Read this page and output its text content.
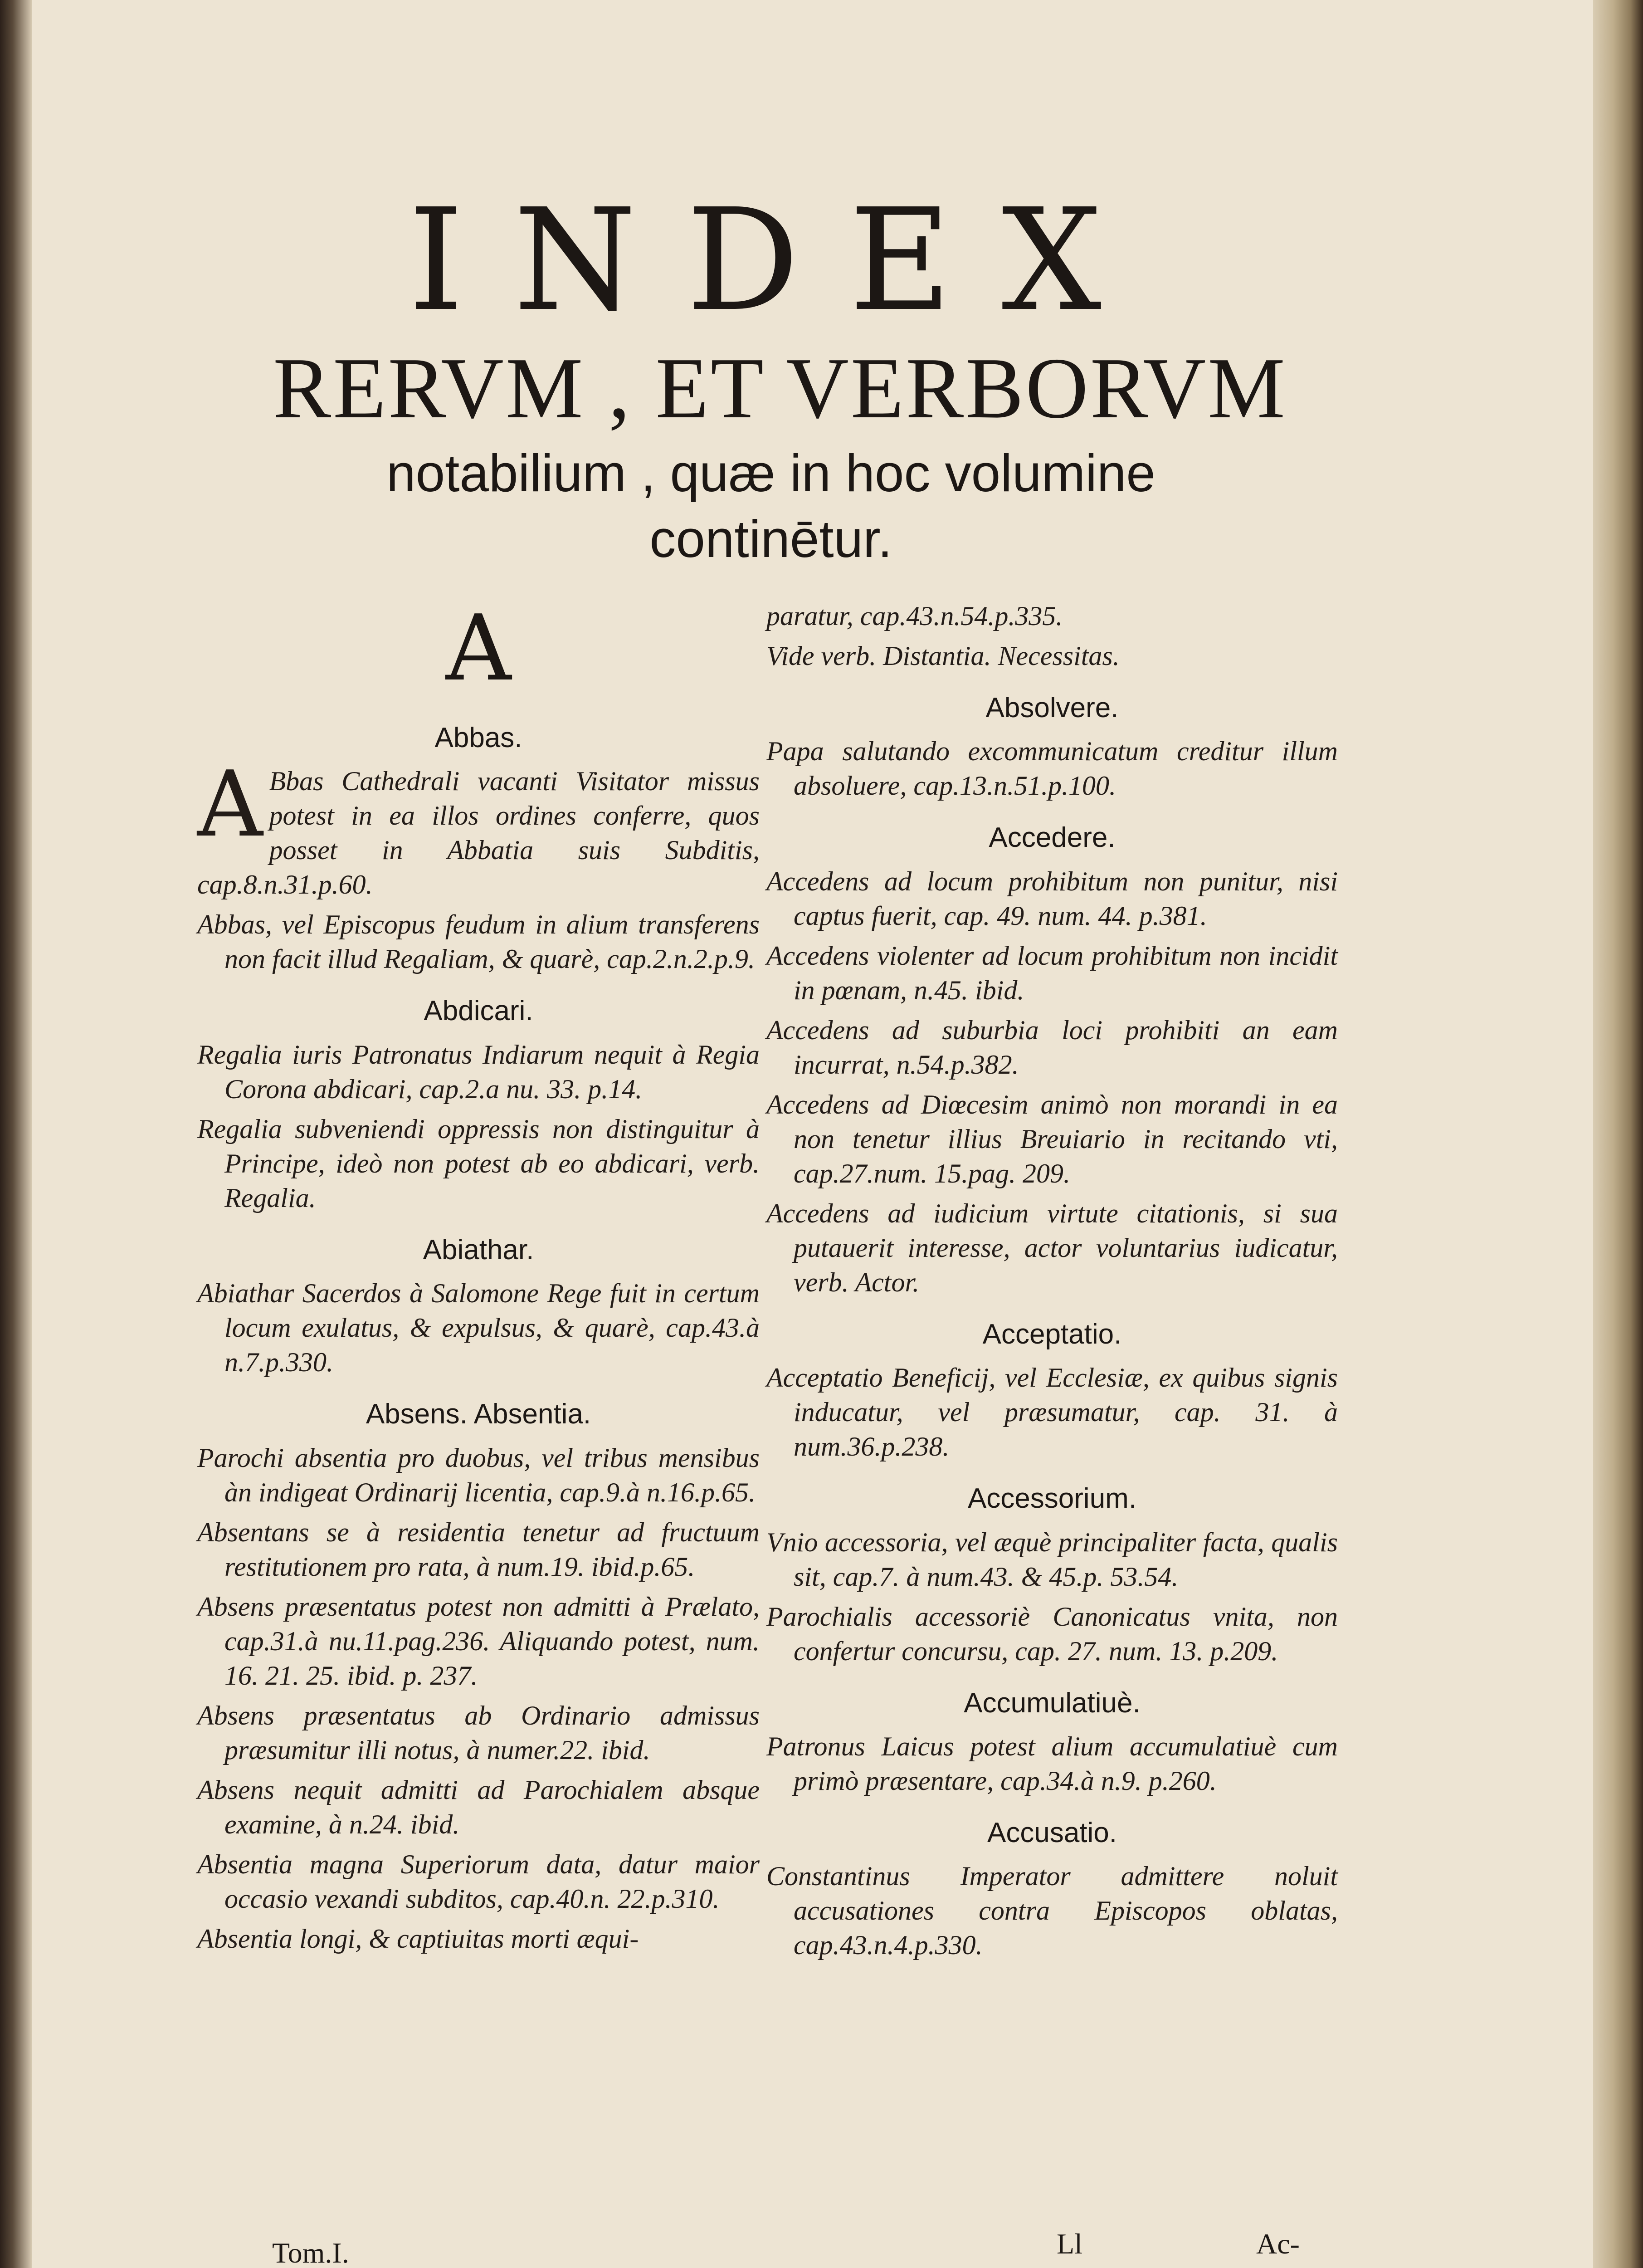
INDEX
RERVM , ET VERBORVM
notabilium , quæ in hoc volumine
continētur.
A
Abbas.

ABbas Cathedrali vacanti Visitator missus potest in ea illos ordines conferre, quos posset in Abbatia suis Subditis, cap.8.n.31.p.60.

Abbas, vel Episcopus feudum in alium transferens non facit illud Regaliam, & quarè, cap.2.n.2.p.9.

Abdicari.

Regalia iuris Patronatus Indiarum nequit à Regia Corona abdicari, cap.2.a nu. 33. p.14.

Regalia subveniendi oppressis non distinguitur à Principe, ideò non potest ab eo abdicari, verb. Regalia.

Abiathar.

Abiathar Sacerdos à Salomone Rege fuit in certum locum exulatus, & expulsus, & quarè, cap.43.à n.7.p.330.

Absens. Absentia.

Parochi absentia pro duobus, vel tribus mensibus àn indigeat Ordinarij licentia, cap.9.à n.16.p.65.

Absentans se à residentia tenetur ad fructuum restitutionem pro rata, à num.19. ibid.p.65.

Absens præsentatus potest non admitti à Prælato, cap.31.à nu.11.pag.236. Aliquando potest, num. 16. 21. 25. ibid. p. 237.

Absens præsentatus ab Ordinario admissus præsumitur illi notus, à numer.22. ibid.

Absens nequit admitti ad Parochialem absque examine, à n.24. ibid.

Absentia magna Superiorum data, datur maior occasio vexandi subditos, cap.40.n. 22.p.310.

Absentia longi, & captiuitas morti æqui-

paratur, cap.43.n.54.p.335.

Vide verb. Distantia. Necessitas.

Absolvere.

Papa salutando excommunicatum creditur illum absoluere, cap.13.n.51.p.100.

Accedere.

Accedens ad locum prohibitum non punitur, nisi captus fuerit, cap. 49. num. 44. p.381.

Accedens violenter ad locum prohibitum non incidit in pœnam, n.45. ibid.

Accedens ad suburbia loci prohibiti an eam incurrat, n.54.p.382.

Accedens ad Diœcesim animò non morandi in ea non tenetur illius Breuiario in recitando vti, cap.27.num. 15.pag. 209.

Accedens ad iudicium virtute citationis, si sua putauerit interesse, actor voluntarius iudicatur, verb. Actor.

Acceptatio.

Acceptatio Beneficij, vel Ecclesiæ, ex quibus signis inducatur, vel præsumatur, cap. 31. à num.36.p.238.

Accessorium.

Vnio accessoria, vel æquè principaliter facta, qualis sit, cap.7. à num.43. & 45.p. 53.54.

Parochialis accessoriè Canonicatus vnita, non confertur concursu, cap. 27. num. 13. p.209.

Accumulatiuè.

Patronus Laicus potest alium accumulatiuè cum primò præsentare, cap.34.à n.9. p.260.

Accusatio.

Constantinus Imperator admittere noluit accusationes contra Episcopos oblatas, cap.43.n.4.p.330.

Tom.I.	Ll	Ac-
